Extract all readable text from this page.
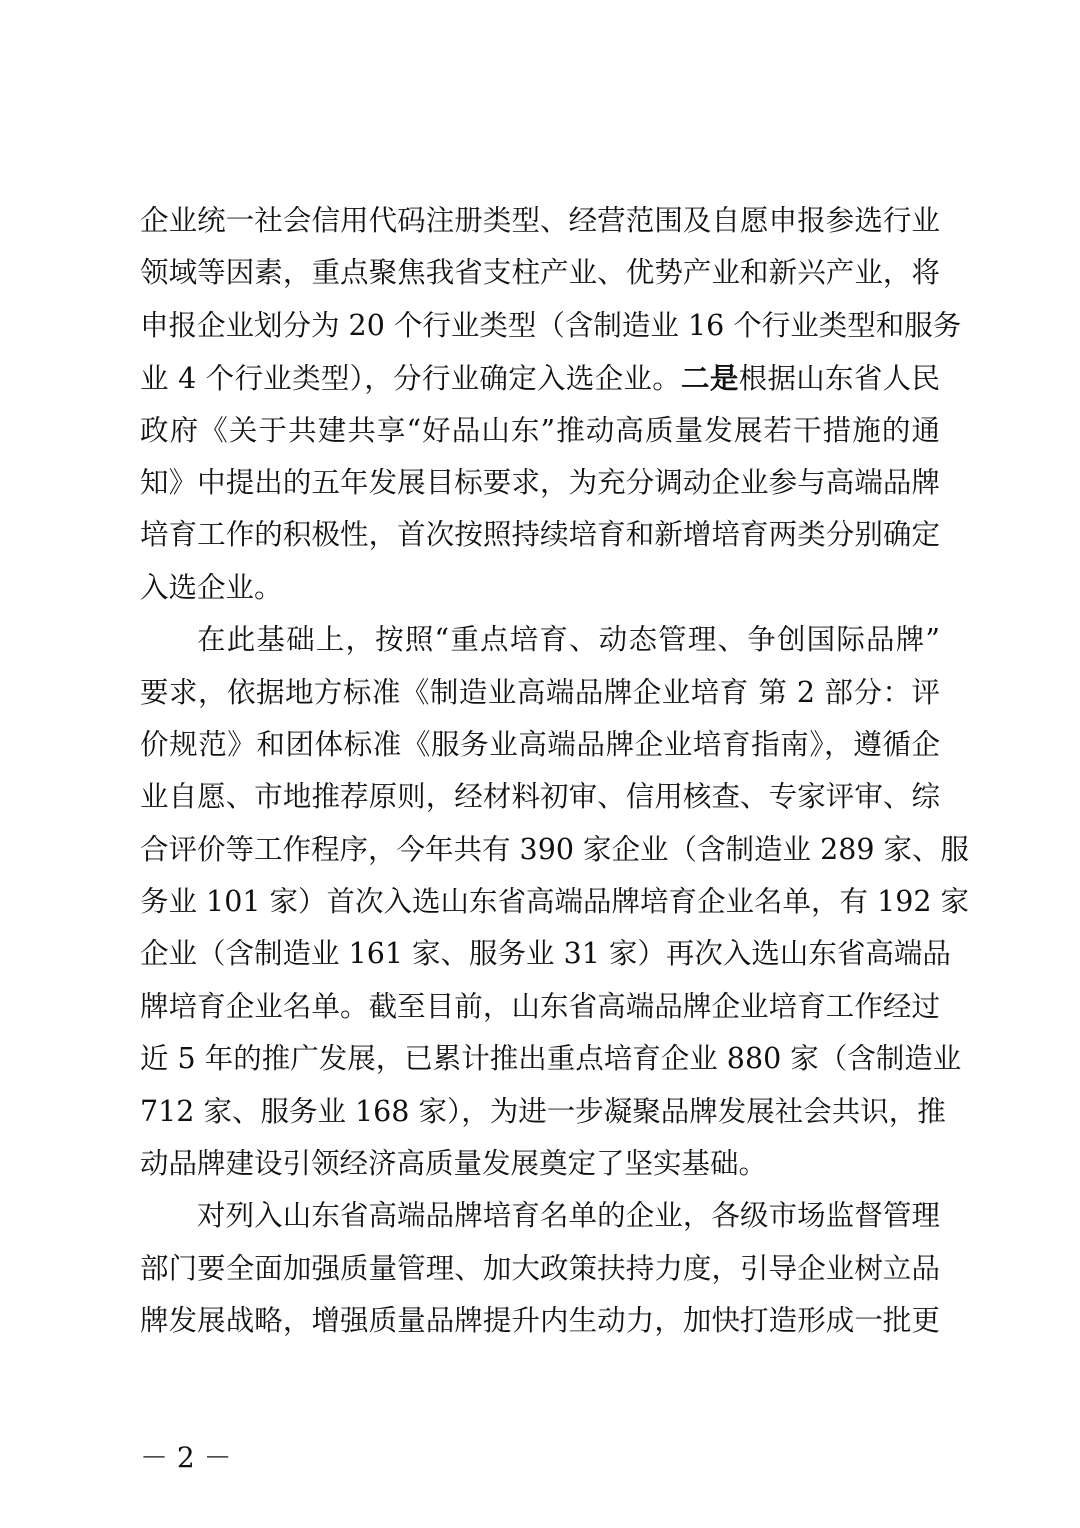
企业统一社会信用代码注册类型、经营范围及自愿申报参选行业
领域等因素，重点聚焦我省支柱产业、优势产业和新兴产业，将
申报企业划分为 20 个行业类型（含制造业 16 个行业类型和服务
业 4 个行业类型），分行业确定入选企业。二是根据山东省人民
政府《关于共建共享“好品山东”推动高质量发展若干措施的通
知》中提出的五年发展目标要求，为充分调动企业参与高端品牌
培育工作的积极性，首次按照持续培育和新增培育两类分别确定
入选企业。
在此基础上，按照“重点培育、动态管理、争创国际品牌”
要求，依据地方标准《制造业高端品牌企业培育 第 2 部分：评
价规范》和团体标准《服务业高端品牌企业培育指南》，遵循企
业自愿、市地推荐原则，经材料初审、信用核查、专家评审、综
合评价等工作程序，今年共有 390 家企业（含制造业 289 家、服
务业 101 家）首次入选山东省高端品牌培育企业名单，有 192 家
企业（含制造业 161 家、服务业 31 家）再次入选山东省高端品
牌培育企业名单。截至目前，山东省高端品牌企业培育工作经过
近 5 年的推广发展，已累计推出重点培育企业 880 家（含制造业
712 家、服务业 168 家），为进一步凝聚品牌发展社会共识，推
动品牌建设引领经济高质量发展奠定了坚实基础。
对列入山东省高端品牌培育名单的企业，各级市场监督管理
部门要全面加强质量管理、加大政策扶持力度，引导企业树立品
牌发展战略，增强质量品牌提升内生动力，加快打造形成一批更
－ 2 －
